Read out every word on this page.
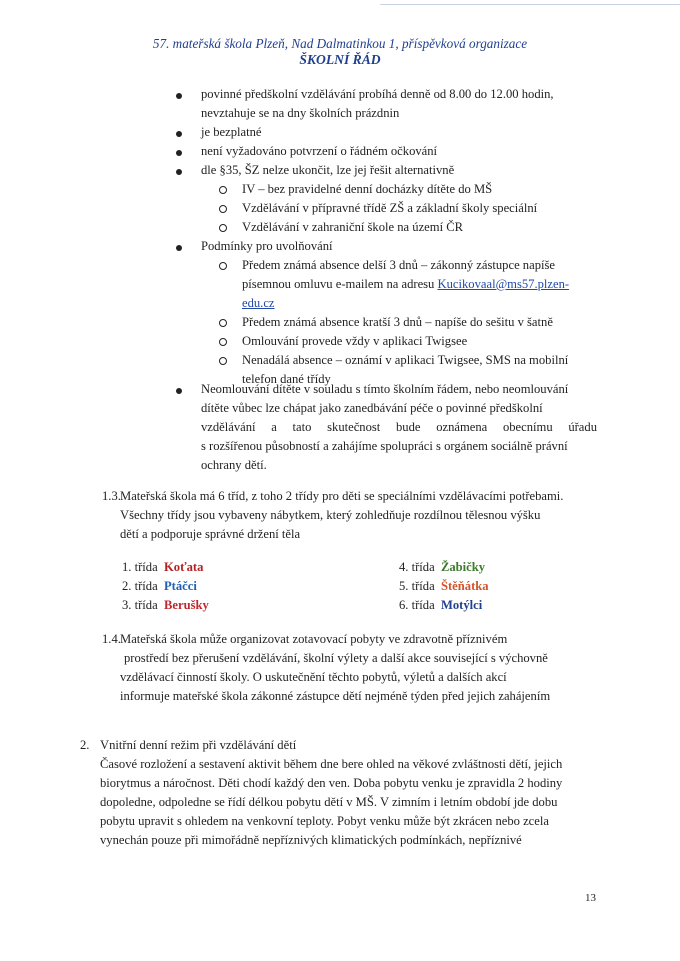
57. mateřská škola Plzeň, Nad Dalmatinkou 1, příspěvková organizace
ŠKOLNÍ ŘÁD
povinné předškolní vzdělávání probíhá denně od 8.00 do 12.00 hodin,
nevztahuje se na dny školních prázdnin
je bezplatné
není vyžadováno potvrzení o řádném očkování
dle §35, ŠZ nelze ukončit, lze jej řešit alternativně
IV – bez pravidelné denní docházky dítěte do MŠ
Vzdělávání v přípravné třídě ZŠ a základní školy speciální
Vzdělávání v zahraniční škole na území ČR
Podmínky pro uvolňování
Předem známá absence delší 3 dnů – zákonný zástupce napíše
písemnou omluvu e-mailem na adresu Kucikovaal@ms57.plzen-
edu.cz
Předem známá absence kratší 3 dnů – napíše do sešitu v šatně
Omlouvání provede vždy v aplikaci Twigsee
Nenadálá absence – oznámí v aplikaci Twigsee, SMS na mobilní
telefon dané třídy
Neomlouvání dítěte v souladu s tímto školním řádem, nebo neomlouvání
dítěte vůbec lze chápat jako zanedbávání péče o povinné předškolní
vzdělávání a tato skutečnost bude oznámena obecnímu úřadu
s rozšířenou působností a zahájíme spolupráci s orgánem sociálně právní
ochrany dětí.
1.3. Mateřská škola má 6 tříd, z toho 2 třídy pro děti se speciálními vzdělávacími potřebami.
Všechny třídy jsou vybaveny nábytkem, který zohledňuje rozdílnou tělesnou výšku
dětí a podporuje správné držení těla
1. třída Koťata
2. třída Ptáčci
3. třída Berušky
4. třída Žabičky
5. třída Štěňátka
6. třída Motýlci
1.4. Mateřská škola může organizovat zotavovací pobyty ve zdravotně příznivém
prostředí bez přerušení vzdělávání, školní výlety a další akce související s výchovně
vzdělávací činností školy. O uskutečnění těchto pobytů, výletů a dalších akcí
informuje mateřské škola zákonné zástupce dětí nejméně týden před jejich zahájením
2. Vnitřní denní režim při vzdělávání dětí
Časové rozložení a sestavení aktivit během dne bere ohled na věkové zvláštnosti dětí, jejich
biorytmus a náročnost. Děti chodí každý den ven. Doba pobytu venku je zpravidla 2 hodiny
dopoledne, odpoledne se řídí délkou pobytu dětí v MŠ. V zimním i letním období jde dobu
pobytu upravit s ohledem na venkovní teploty. Pobyt venku může být zkrácen nebo zcela
vynechán pouze při mimořádně nepříznivých klimatických podmínkách, nepříznivé
13
